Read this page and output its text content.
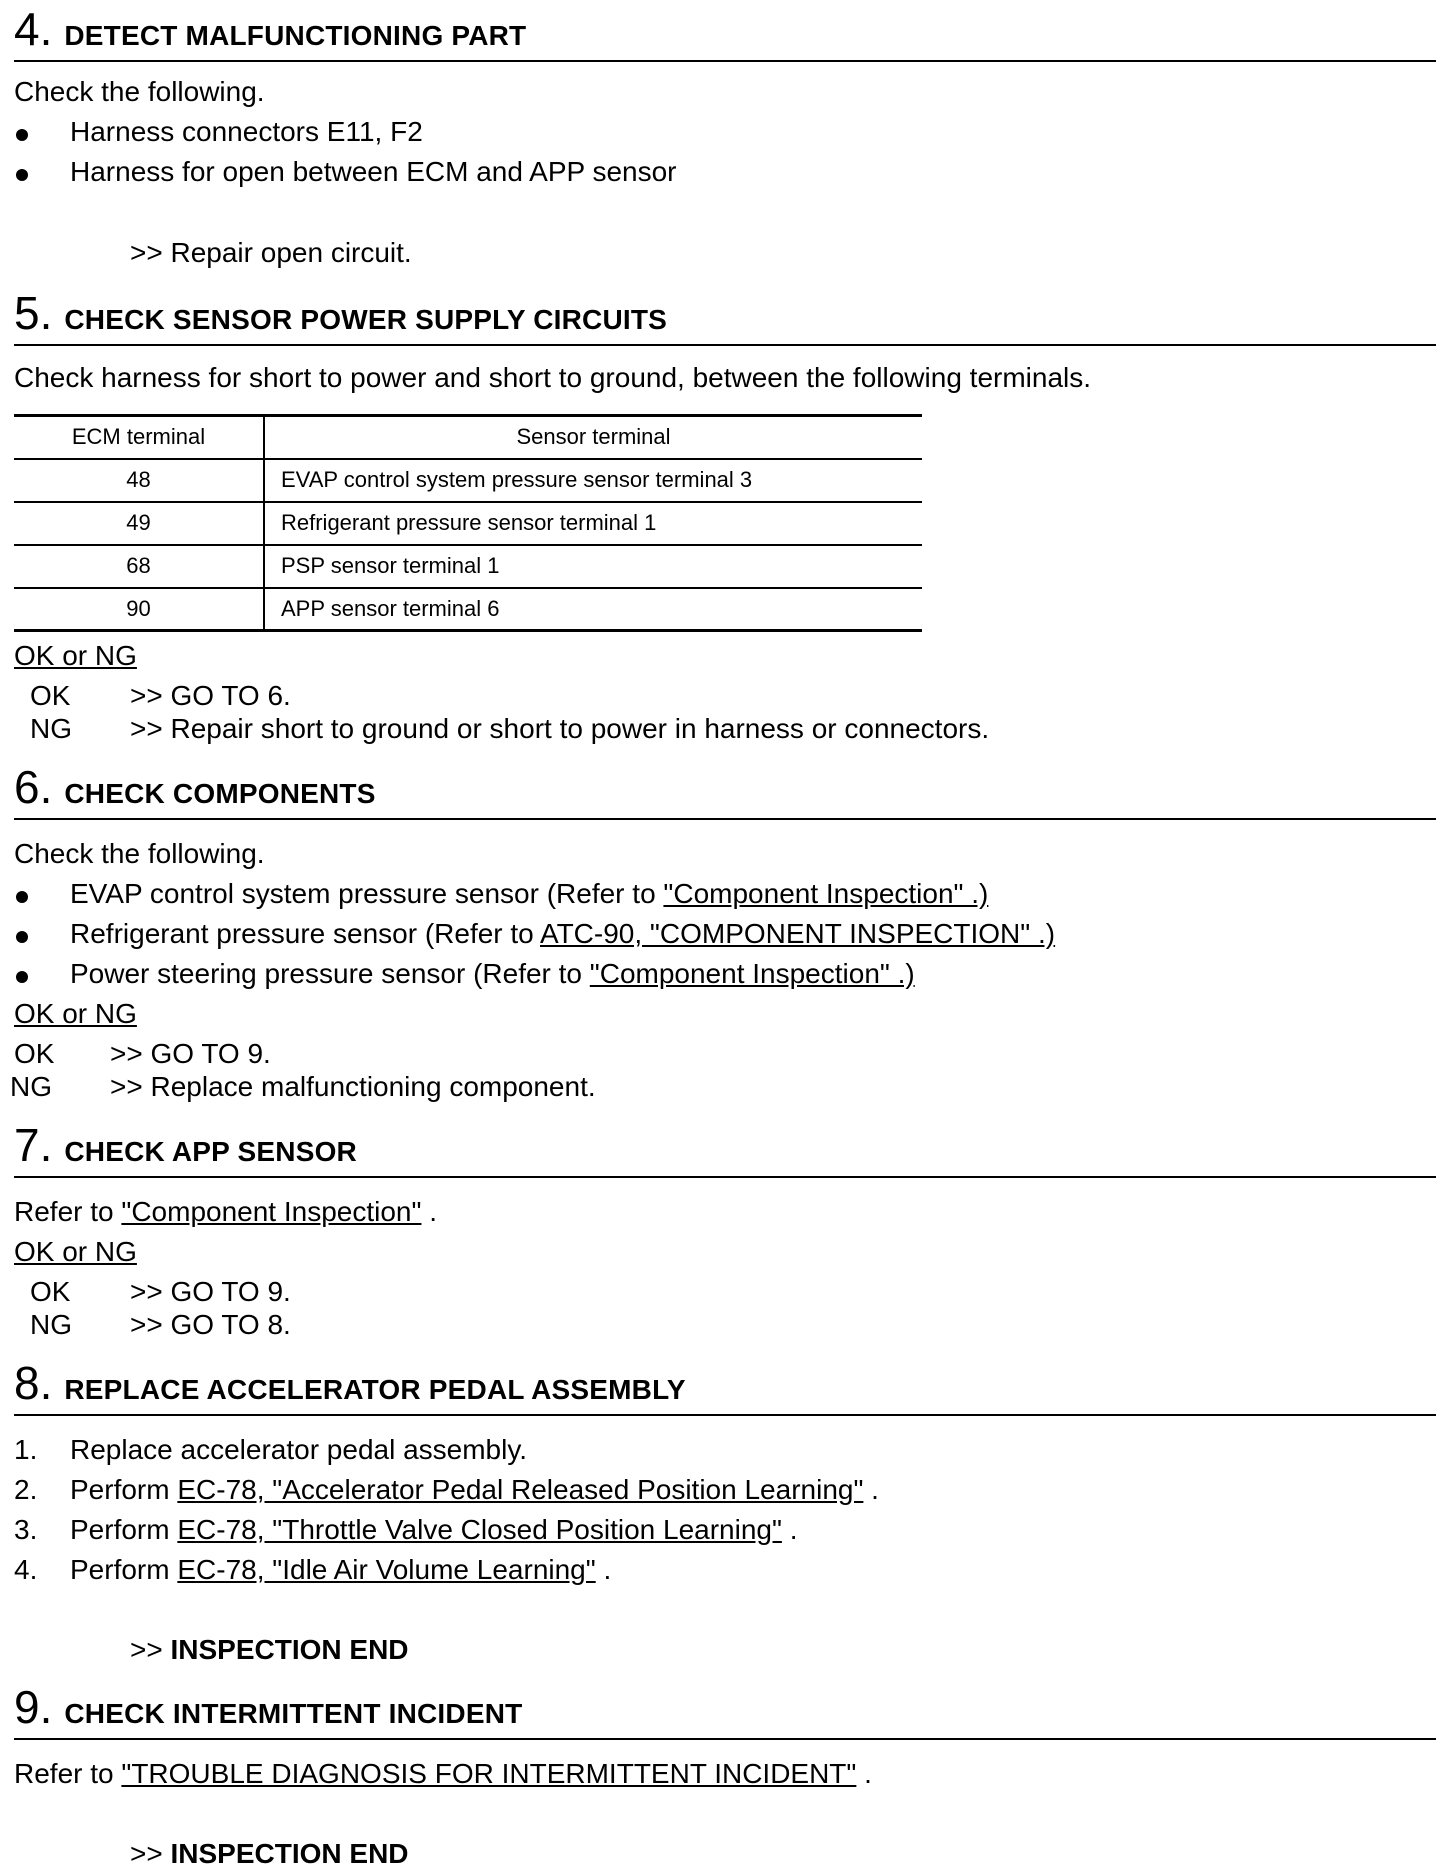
4 . DETECT MALFUNCTIONING PART
Check the following.
Harness connectors E11, F2
Harness for open between ECM and APP sensor
>> Repair open circuit.
5 . CHECK SENSOR POWER SUPPLY CIRCUITS
Check harness for short to power and short to ground, between the following terminals.
ECM terminal	Sensor terminal
48	EVAP control system pressure sensor terminal 3
49	Refrigerant pressure sensor terminal 1
68	PSP sensor terminal 1
90	APP sensor terminal 6
OK or NG
OK >> GO TO 6.
NG >> Repair short to ground or short to power in harness or connectors.
6 . CHECK COMPONENTS
Check the following.
EVAP control system pressure sensor (Refer to "Component Inspection" .)
Refrigerant pressure sensor (Refer to ATC-90, "COMPONENT INSPECTION" .)
Power steering pressure sensor (Refer to "Component Inspection" .)
OK or NG
OK >> GO TO 9.
NG >> Replace malfunctioning component.
7 . CHECK APP SENSOR
Refer to "Component Inspection" .
OK or NG
OK >> GO TO 9.
NG >> GO TO 8.
8 . REPLACE ACCELERATOR PEDAL ASSEMBLY
1. Replace accelerator pedal assembly.
2. Perform EC-78, "Accelerator Pedal Released Position Learning" .
3. Perform EC-78, "Throttle Valve Closed Position Learning" .
4. Perform EC-78, "Idle Air Volume Learning" .
>> INSPECTION END
9 . CHECK INTERMITTENT INCIDENT
Refer to "TROUBLE DIAGNOSIS FOR INTERMITTENT INCIDENT" .
>> INSPECTION END
